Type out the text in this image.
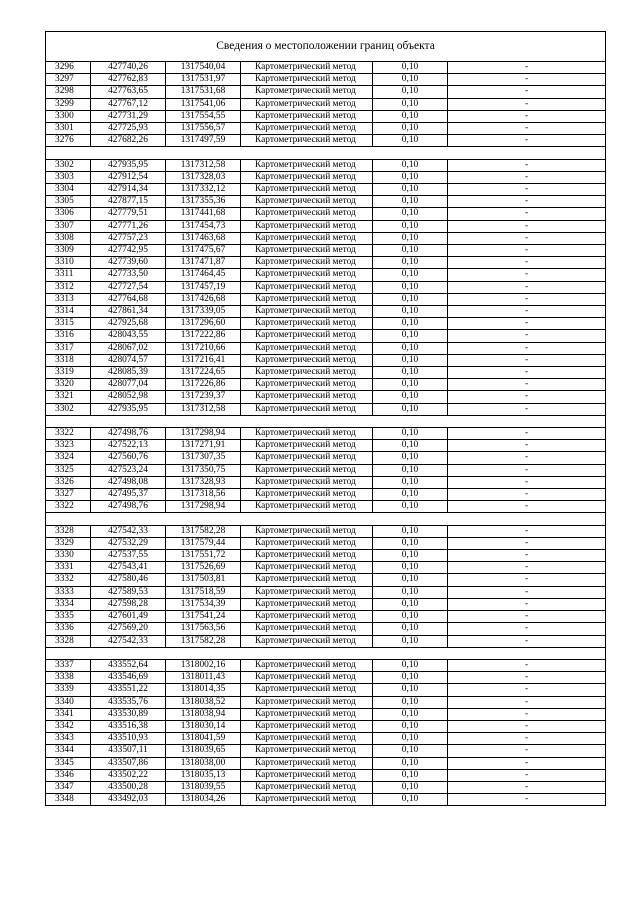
Сведения о местоположении границ объекта					
3296	427740,26	1317540,04	Картометрический метод	0,10	-
3297	427762,83	1317531,97	Картометрический метод	0,10	-
3298	427763,65	1317531,68	Картометрический метод	0,10	-
3299	427767,12	1317541,06	Картометрический метод	0,10	-
3300	427731,29	1317554,55	Картометрический метод	0,10	-
3301	427725,93	1317556,57	Картометрический метод	0,10	-
3276	427682,26	1317497,59	Картометрический метод	0,10	-

3302	427935,95	1317312,58	Картометрический метод	0,10	-
3303	427912,54	1317328,03	Картометрический метод	0,10	-
3304	427914,34	1317332,12	Картометрический метод	0,10	-
3305	427877,15	1317355,36	Картометрический метод	0,10	-
3306	427779,51	1317441,68	Картометрический метод	0,10	-
3307	427771,26	1317454,73	Картометрический метод	0,10	-
3308	427757,23	1317463,68	Картометрический метод	0,10	-
3309	427742,95	1317475,67	Картометрический метод	0,10	-
3310	427739,60	1317471,87	Картометрический метод	0,10	-
3311	427733,50	1317464,45	Картометрический метод	0,10	-
3312	427727,54	1317457,19	Картометрический метод	0,10	-
3313	427764,68	1317426,68	Картометрический метод	0,10	-
3314	427861,34	1317339,05	Картометрический метод	0,10	-
3315	427925,68	1317296,60	Картометрический метод	0,10	-
3316	428043,55	1317222,86	Картометрический метод	0,10	-
3317	428067,02	1317210,66	Картометрический метод	0,10	-
3318	428074,57	1317216,41	Картометрический метод	0,10	-
3319	428085,39	1317224,65	Картометрический метод	0,10	-
3320	428077,04	1317226,86	Картометрический метод	0,10	-
3321	428052,98	1317239,37	Картометрический метод	0,10	-
3302	427935,95	1317312,58	Картометрический метод	0,10	-

3322	427498,76	1317298,94	Картометрический метод	0,10	-
3323	427522,13	1317271,91	Картометрический метод	0,10	-
3324	427560,76	1317307,35	Картометрический метод	0,10	-
3325	427523,24	1317350,75	Картометрический метод	0,10	-
3326	427498,08	1317328,93	Картометрический метод	0,10	-
3327	427495,37	1317318,56	Картометрический метод	0,10	-
3322	427498,76	1317298,94	Картометрический метод	0,10	-

3328	427542,33	1317582,28	Картометрический метод	0,10	-
3329	427532,29	1317579,44	Картометрический метод	0,10	-
3330	427537,55	1317551,72	Картометрический метод	0,10	-
3331	427543,41	1317526,69	Картометрический метод	0,10	-
3332	427580,46	1317503,81	Картометрический метод	0,10	-
3333	427589,53	1317518,59	Картометрический метод	0,10	-
3334	427598,28	1317534,39	Картометрический метод	0,10	-
3335	427601,49	1317541,24	Картометрический метод	0,10	-
3336	427569,20	1317563,56	Картометрический метод	0,10	-
3328	427542,33	1317582,28	Картометрический метод	0,10	-

3337	433552,64	1318002,16	Картометрический метод	0,10	-
3338	433546,69	1318011,43	Картометрический метод	0,10	-
3339	433551,22	1318014,35	Картометрический метод	0,10	-
3340	433535,76	1318038,52	Картометрический метод	0,10	-
3341	433530,89	1318038,94	Картометрический метод	0,10	-
3342	433516,38	1318030,14	Картометрический метод	0,10	-
3343	433510,93	1318041,59	Картометрический метод	0,10	-
3344	433507,11	1318039,65	Картометрический метод	0,10	-
3345	433507,86	1318038,00	Картометрический метод	0,10	-
3346	433502,22	1318035,13	Картометрический метод	0,10	-
3347	433500,28	1318039,55	Картометрический метод	0,10	-
3348	433492,03	1318034,26	Картометрический метод	0,10	-
